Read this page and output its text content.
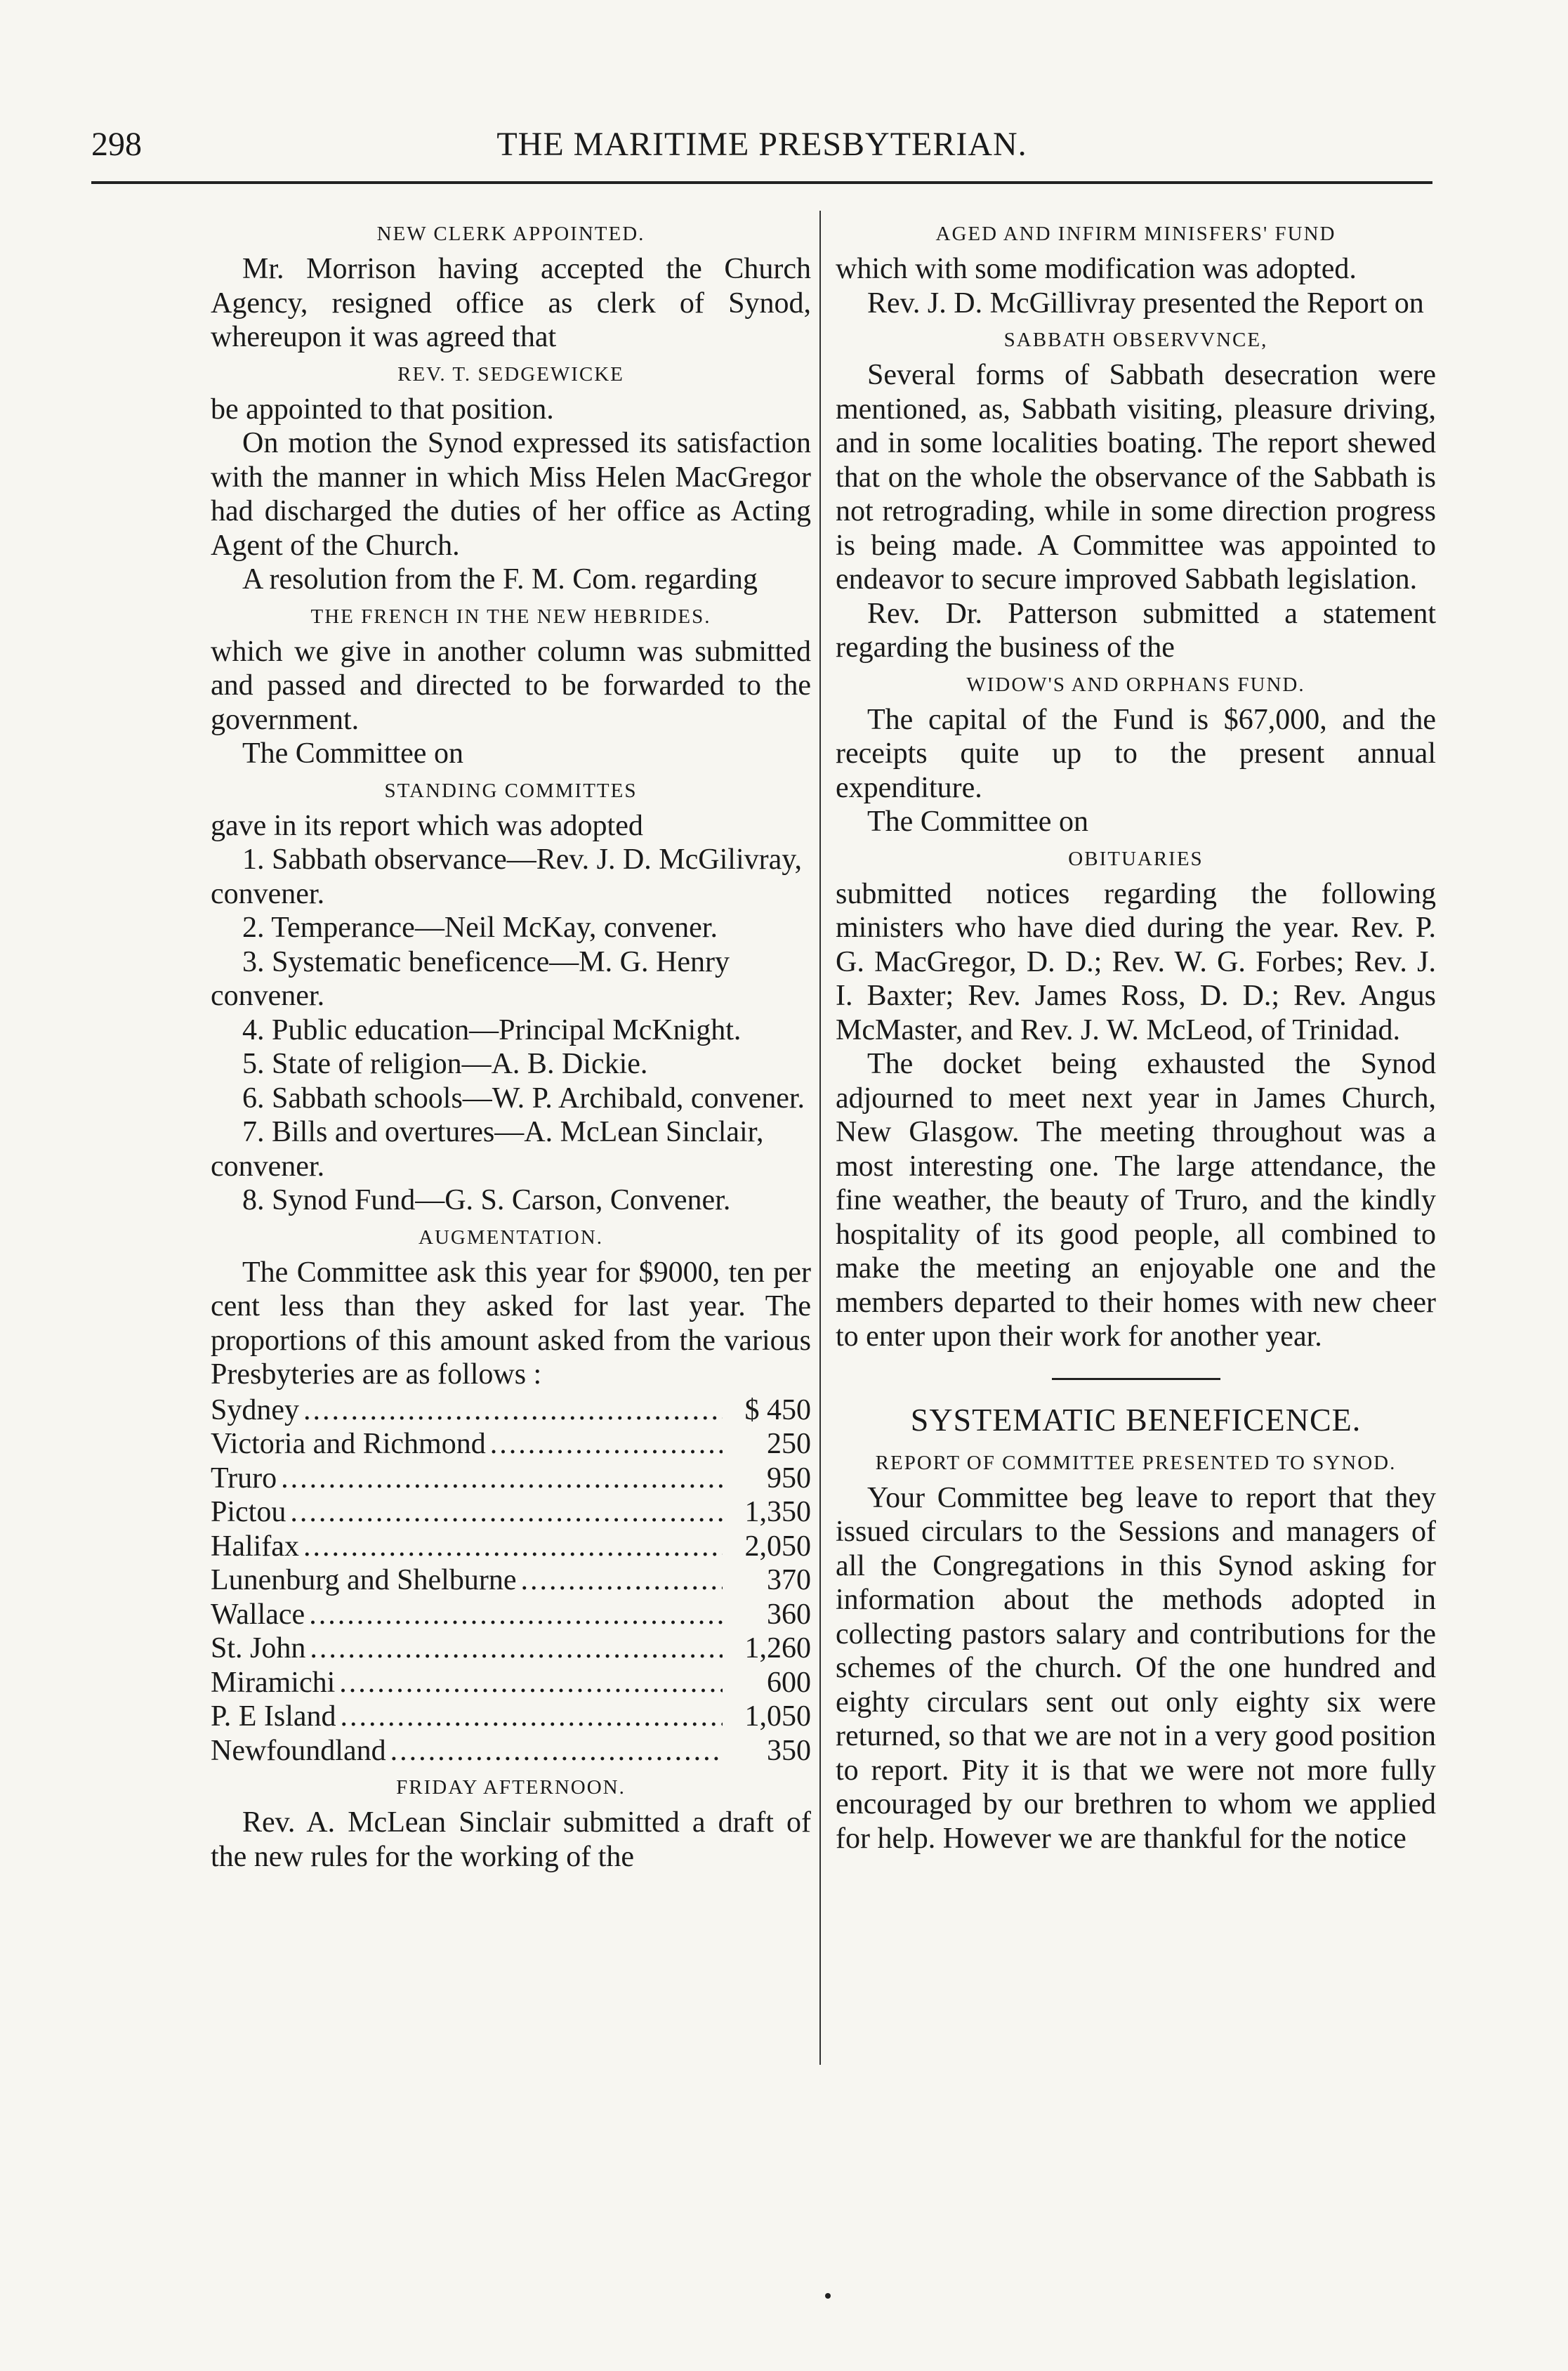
298	THE MARITIME PRESBYTERIAN.
NEW CLERK APPOINTED.

Mr. Morrison having accepted the Church Agency, resigned office as clerk of Synod, whereupon it was agreed that

REV. T. SEDGEWICKE

be appointed to that position.

On motion the Synod expressed its satisfaction with the manner in which Miss Helen MacGregor had discharged the duties of her office as Acting Agent of the Church.

A resolution from the F. M. Com. regarding

THE FRENCH IN THE NEW HEBRIDES.

which we give in another column was submitted and passed and directed to be forwarded to the government.

The Committee on

STANDING COMMITTES

gave in its report which was adopted

1. Sabbath observance—Rev. J. D. McGilivray, convener.

2. Temperance—Neil McKay, convener.

3. Systematic beneficence—M. G. Henry convener.

4. Public education—Principal McKnight.

5. State of religion—A. B. Dickie.

6. Sabbath schools—W. P. Archibald, convener.

7. Bills and overtures—A. McLean Sinclair, convener.

8. Synod Fund—G. S. Carson, Convener.

AUGMENTATION.

The Committee ask this year for $9000, ten per cent less than they asked for last year. The proportions of this amount asked from the various Presbyteries are as follows :

Sydney .....	$ 450
Victoria and Richmond .....	250
Truro .....	950
Pictou .....	1,350
Halifax .....	2,050
Lunenburg and Shelburne .....	370
Wallace .....	360
St. John .....	1,260
Miramichi .....	600
P. E Island .....	1,050
Newfoundland .....	350
FRIDAY AFTERNOON.

Rev. A. McLean Sinclair submitted a draft of the new rules for the working of the

AGED AND INFIRM MINISFERS' FUND

which with some modification was adopted.

Rev. J. D. McGillivray presented the Report on

SABBATH OBSERVVNCE,

Several forms of Sabbath desecration were mentioned, as, Sabbath visiting, pleasure driving, and in some localities boating. The report shewed that on the whole the observance of the Sabbath is not retrograding, while in some direction progress is being made. A Committee was appointed to endeavor to secure improved Sabbath legislation.

Rev. Dr. Patterson submitted a statement regarding the business of the

WIDOW'S AND ORPHANS FUND.

The capital of the Fund is $67,000, and the receipts quite up to the present annual expenditure.

The Committee on

OBITUARIES

submitted notices regarding the following ministers who have died during the year. Rev. P. G. MacGregor, D. D.; Rev. W. G. Forbes; Rev. J. I. Baxter; Rev. James Ross, D. D.; Rev. Angus McMaster, and Rev. J. W. McLeod, of Trinidad.

The docket being exhausted the Synod adjourned to meet next year in James Church, New Glasgow. The meeting throughout was a most interesting one. The large attendance, the fine weather, the beauty of Truro, and the kindly hospitality of its good people, all combined to make the meeting an enjoyable one and the members departed to their homes with new cheer to enter upon their work for another year.

SYSTEMATIC BENEFICENCE.
REPORT OF COMMITTEE PRESENTED TO SYNOD.

Your Committee beg leave to report that they issued circulars to the Sessions and managers of all the Congregations in this Synod asking for information about the methods adopted in collecting pastors salary and contributions for the schemes of the church. Of the one hundred and eighty circulars sent out only eighty six were returned, so that we are not in a very good position to report. Pity it is that we were not more fully encouraged by our brethren to whom we applied for help. However we are thankful for the notice
